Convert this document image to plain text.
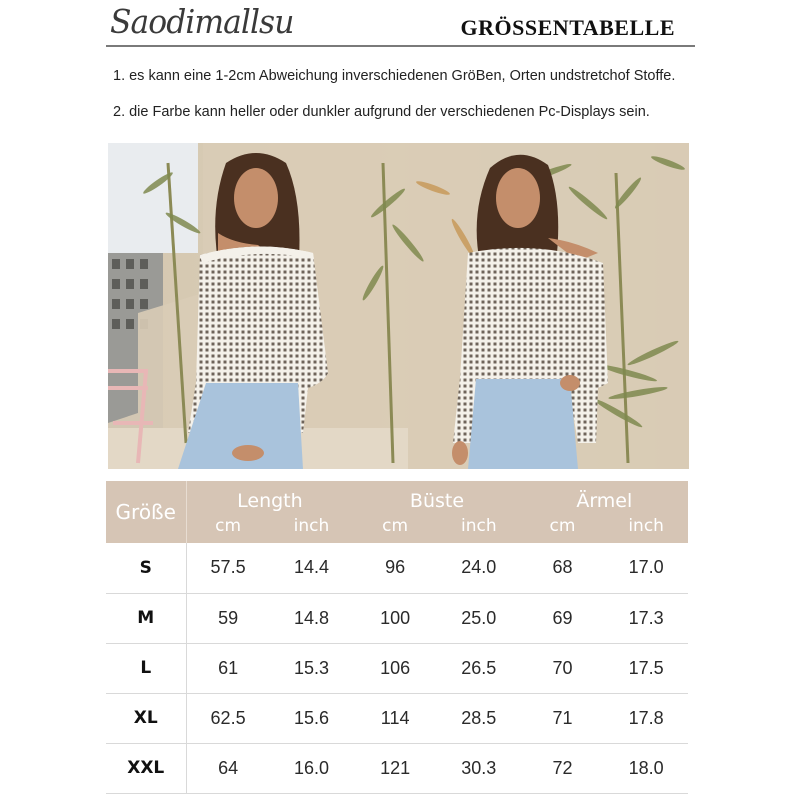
Saodimallsu	GRÖSSENTABELLE
1. es kann eine 1-2cm Abweichung inverschiedenen GröBen, Orten undstretchof Stoffe.
2. die Farbe kann heller oder dunkler aufgrund der verschiedenen Pc-Displays sein.
Größe	Length		Büste		Ärmel	
	cm	inch	cm	inch	cm	inch
S	57.5	14.4	96	24.0	68	17.0
M	59	14.8	100	25.0	69	17.3
L	61	15.3	106	26.5	70	17.5
XL	62.5	15.6	114	28.5	71	17.8
XXL	64	16.0	121	30.3	72	18.0
